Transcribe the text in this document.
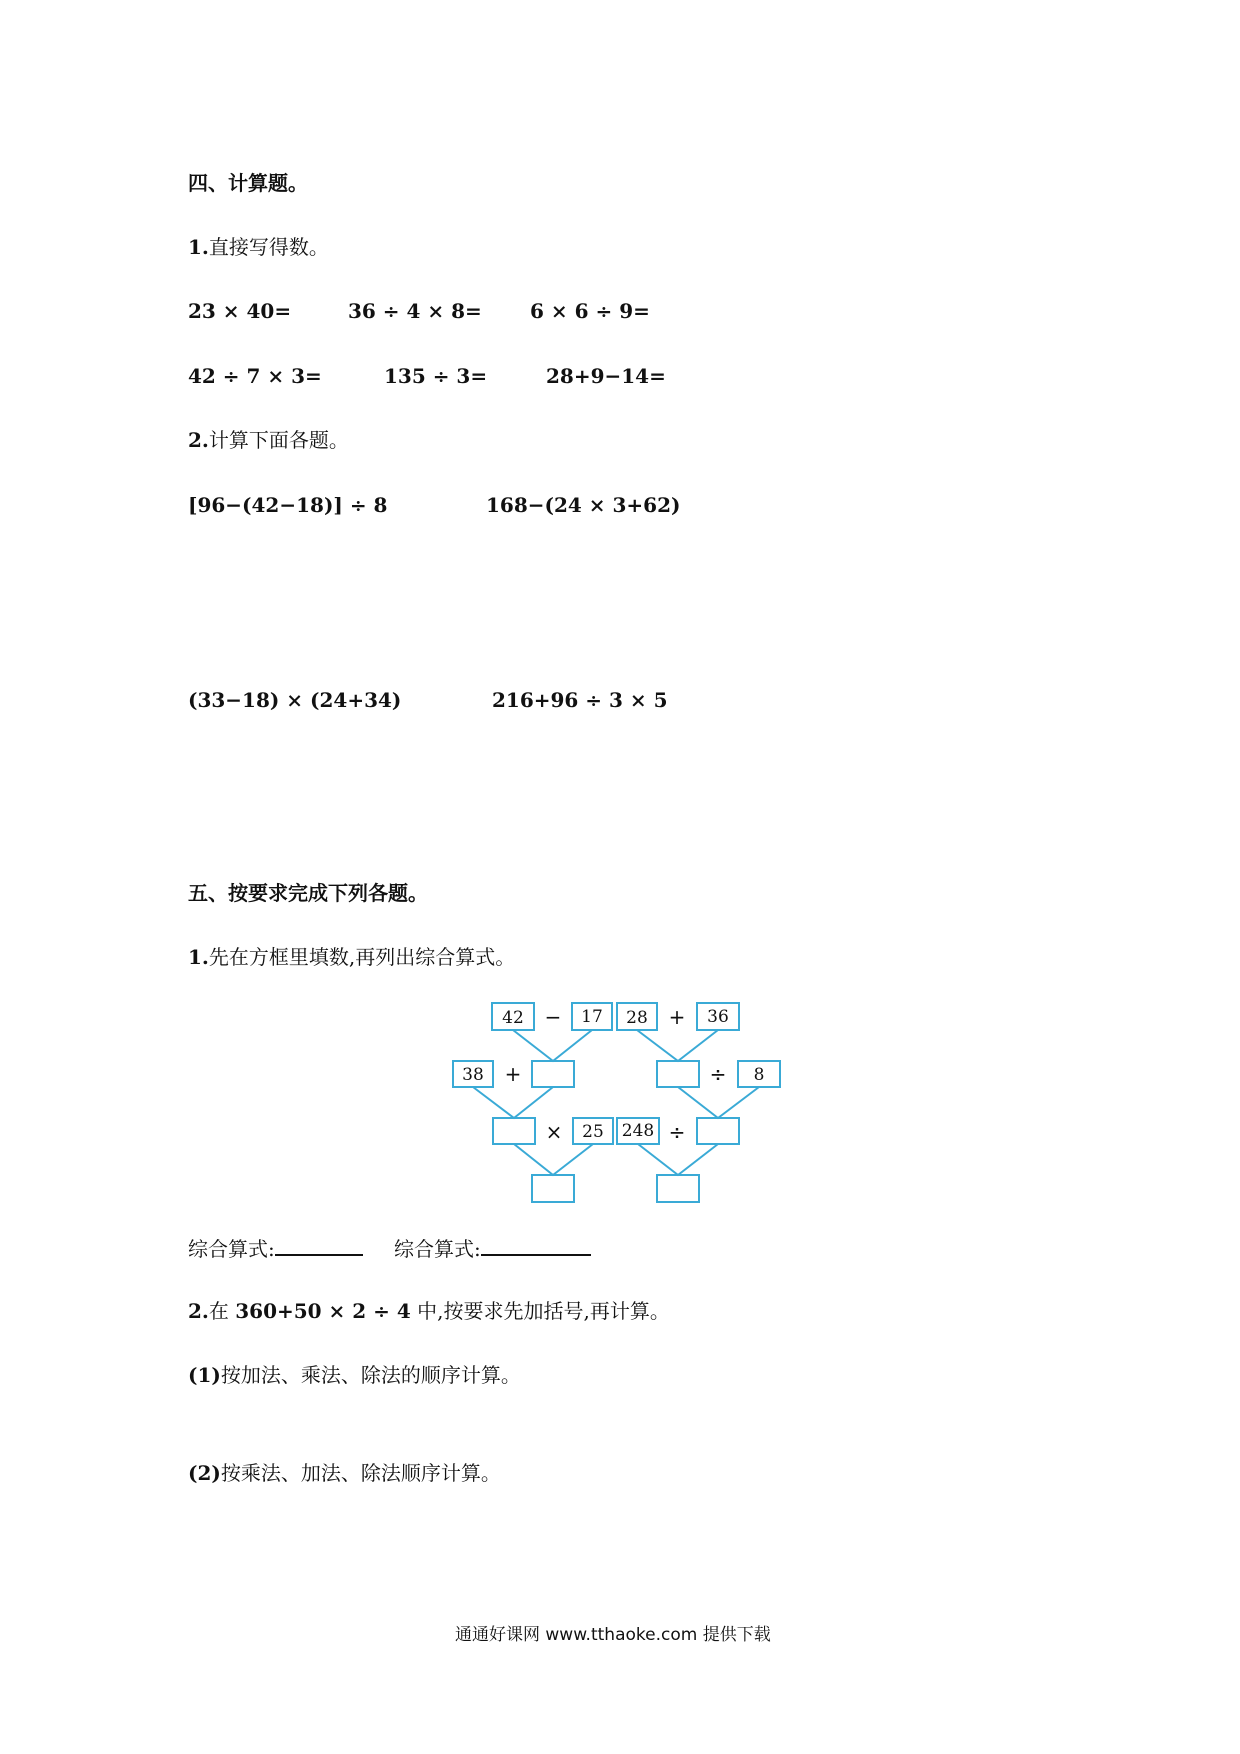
四、计算题。
1.直接写得数。
23 × 40=	36 ÷ 4 × 8= 6 × 6 ÷ 9=
42 ÷ 7 × 3=	135 ÷ 3=	28+9−14=
2.计算下面各题。
[96−(42−18)] ÷ 8	168−(24 × 3+62)
(33−18) × (24+34)	216+96 ÷ 3 × 5
五、按要求完成下列各题。
1.先在方框里填数,再列出综合算式。
42 − 17
38 +
× 25
28 + 36
÷ 8
248 ÷
综合算式:	综合算式:
2.在 360+50 × 2 ÷ 4 中,按要求先加括号,再计算。
(1)按加法、乘法、除法的顺序计算。
(2)按乘法、加法、除法顺序计算。
通通好课网 www.tthaoke.com 提供下载
